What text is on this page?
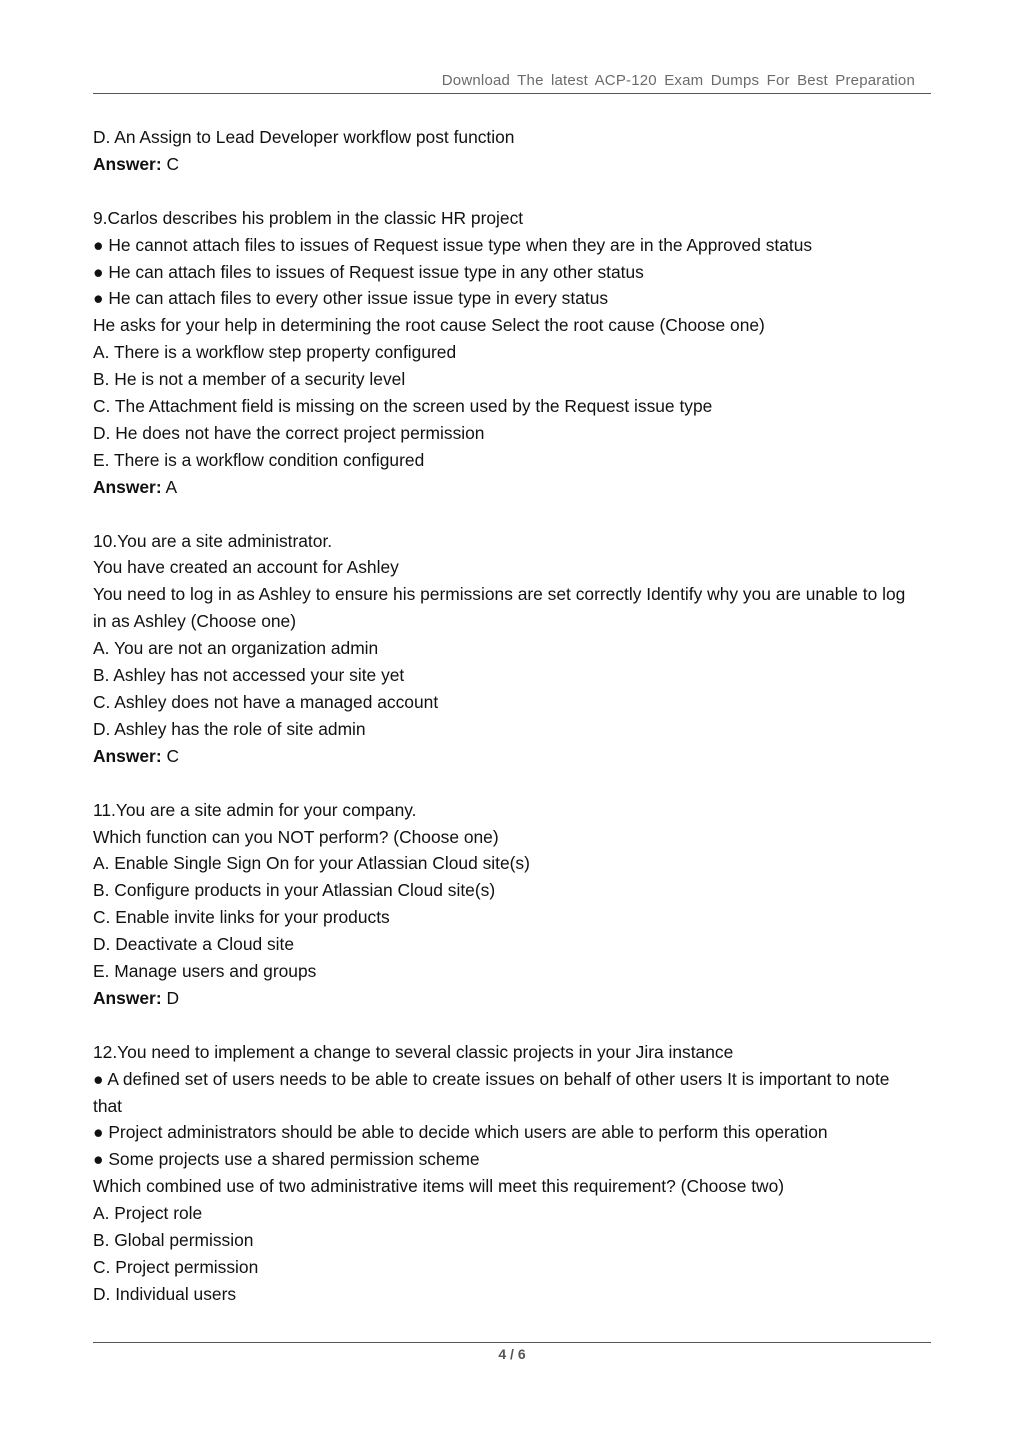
Download The latest ACP-120 Exam Dumps For Best Preparation

D. An Assign to Lead Developer workflow post function

Answer: C

9.Carlos describes his problem in the classic HR project

● He cannot attach files to issues of Request issue type when they are in the Approved status

● He can attach files to issues of Request issue type in any other status

● He can attach files to every other issue issue type in every status

He asks for your help in determining the root cause Select the root cause (Choose one)

A. There is a workflow step property configured

B. He is not a member of a security level

C. The Attachment field is missing on the screen used by the Request issue type

D. He does not have the correct project permission

E. There is a workflow condition configured

Answer: A

10.You are a site administrator.

You have created an account for Ashley

You need to log in as Ashley to ensure his permissions are set correctly Identify why you are unable to log

in as Ashley (Choose one)

A. You are not an organization admin

B. Ashley has not accessed your site yet

C. Ashley does not have a managed account

D. Ashley has the role of site admin

Answer: C

11.You are a site admin for your company.

Which function can you NOT perform? (Choose one)

A. Enable Single Sign On for your Atlassian Cloud site(s)

B. Configure products in your Atlassian Cloud site(s)

C. Enable invite links for your products

D. Deactivate a Cloud site

E. Manage users and groups

Answer: D

12.You need to implement a change to several classic projects in your Jira instance

● A defined set of users needs to be able to create issues on behalf of other users It is important to note

that

● Project administrators should be able to decide which users are able to perform this operation

● Some projects use a shared permission scheme

Which combined use of two administrative items will meet this requirement? (Choose two)

A. Project role

B. Global permission

C. Project permission

D. Individual users

4 / 6
